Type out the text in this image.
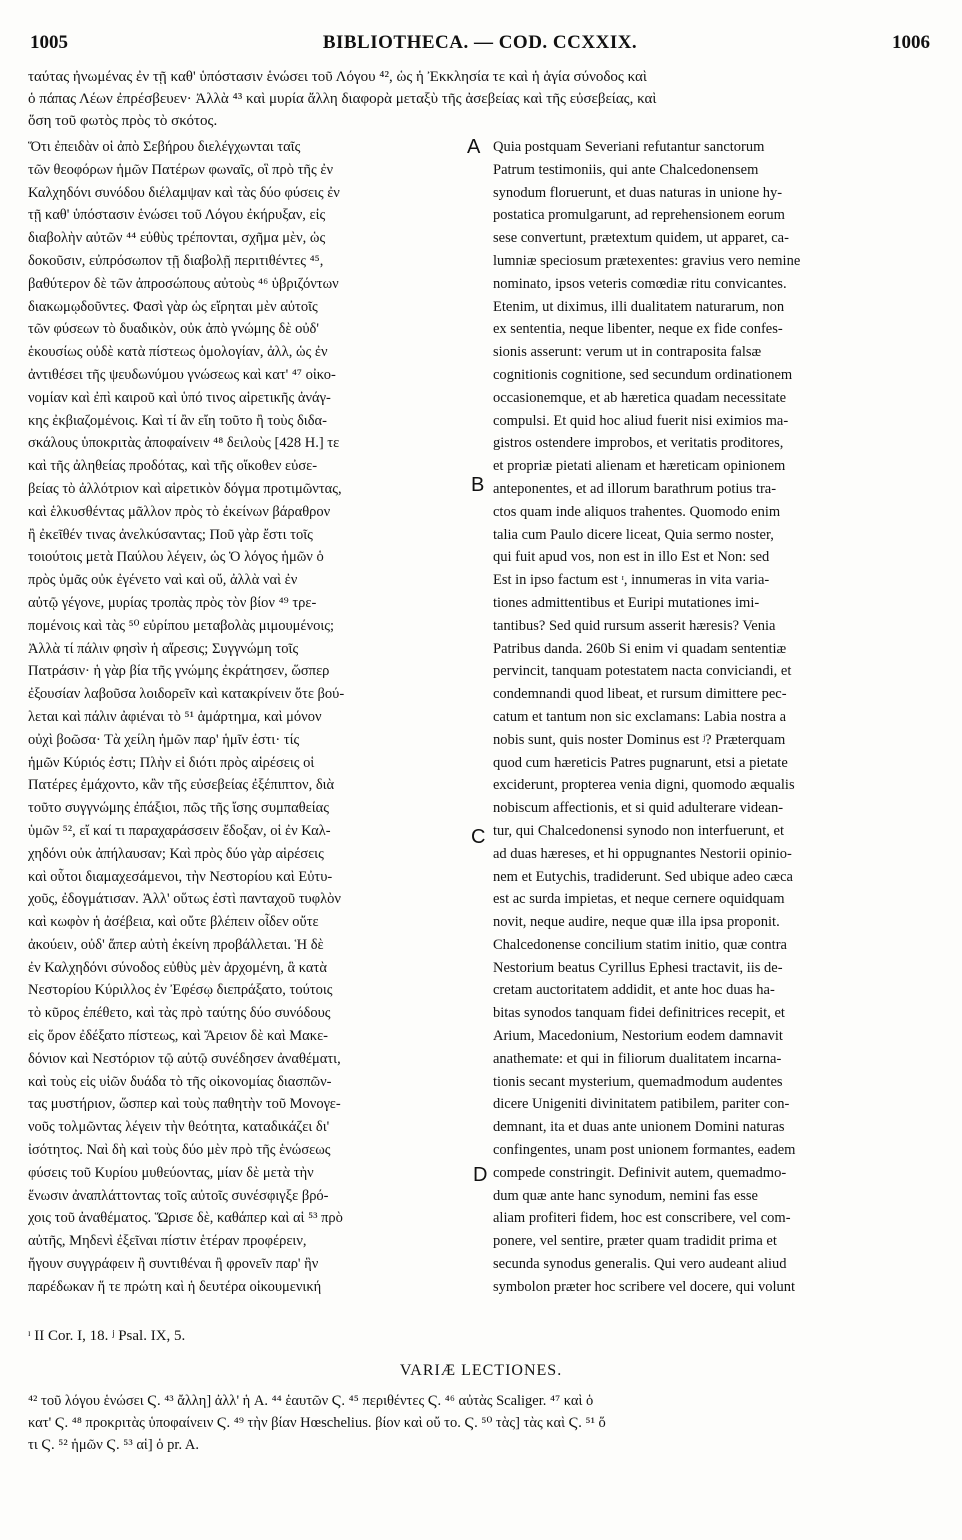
1005	BIBLIOTHECA. — COD. CCXXIX.	1006
ταύτας ἠνωμένας ἐν τῇ καθ' ὑπόστασιν ἑνώσει τοῦ Λόγου ⁴², ὡς ἡ Ἐκκλησία τε καὶ ἡ ἁγία σύνοδος καὶ
ὁ πάπας Λέων ἐπρέσβευεν· Ἀλλὰ ⁴³ καὶ μυρία ἄλλη διαφορὰ μεταξὺ τῆς ἀσεβείας καὶ τῆς εὐσεβείας, καὶ
ὅση τοῦ φωτὸς πρὸς τὸ σκότος.
Ὅτι ἐπειδὰν οἱ ἀπὸ Σεβήρου διελέγχωνται ταῖς
τῶν θεοφόρων ἡμῶν Πατέρων φωναῖς, οἳ πρὸ τῆς ἐν
Καλχηδόνι συνόδου διέλαμψαν καὶ τὰς δύο φύσεις ἐν
τῇ καθ' ὑπόστασιν ἑνώσει τοῦ Λόγου ἐκήρυξαν, εἰς
διαβολὴν αὐτῶν ⁴⁴ εὐθὺς τρέπονται, σχῆμα μὲν, ὡς
δοκοῦσιν, εὐπρόσωπον τῇ διαβολῇ περιτιθέντες ⁴⁵,
βαθύτερον δὲ τῶν ἀπροσώπους αὐτοὺς ⁴⁶ ὑβριζόντων
διακωμῳδοῦντες. Φασὶ γὰρ ὡς εἴρηται μὲν αὐτοῖς
τῶν φύσεων τὸ δυαδικὸν, οὐκ ἀπὸ γνώμης δὲ οὐδ'
ἑκουσίως οὐδὲ κατὰ πίστεως ὁμολογίαν, ἀλλ, ὡς ἐν
ἀντιθέσει τῆς ψευδωνύμου γνώσεως καὶ κατ' ⁴⁷ οἰκο-
νομίαν καὶ ἐπὶ καιροῦ καὶ ὑπό τινος αἱρετικῆς ἀνάγ-
κης ἐκβιαζομένοις. Καὶ τί ἂν εἴη τοῦτο ἢ τοὺς διδα-
σκάλους ὑποκριτὰς ἀποφαίνειν ⁴⁸ δειλοὺς [428 H.] τε
καὶ τῆς ἀληθείας προδότας, καὶ τῆς οἴκοθεν εὐσε-
βείας τὸ ἀλλότριον καὶ αἱρετικὸν δόγμα προτιμῶντας,
καὶ ἑλκυσθέντας μᾶλλον πρὸς τὸ ἐκείνων βάραθρον
ἢ ἐκεῖθέν τινας ἀνελκύσαντας; Ποῦ γὰρ ἔστι τοῖς
τοιούτοις μετὰ Παύλου λέγειν, ὡς Ὁ λόγος ἡμῶν ὁ
πρὸς ὑμᾶς οὐκ ἐγένετο ναὶ καὶ οὔ, ἀλλὰ ναὶ ἐν
αὐτῷ γέγονε, μυρίας τροπὰς πρὸς τὸν βίον ⁴⁹ τρε-
πομένοις καὶ τὰς ⁵⁰ εὐρίπου μεταβολὰς μιμουμένοις;
Ἀλλὰ τί πάλιν φησὶν ἡ αἵρεσις; Συγγνώμη τοῖς
Πατράσιν· ἡ γὰρ βία τῆς γνώμης ἐκράτησεν, ὥσπερ
ἐξουσίαν λαβοῦσα λοιδορεῖν καὶ κατακρίνειν ὅτε βού-
λεται καὶ πάλιν ἀφιέναι τὸ ⁵¹ ἁμάρτημα, καὶ μόνον
οὐχὶ βοῶσα· Τὰ χείλη ἡμῶν παρ' ἡμῖν ἐστι· τίς
ἡμῶν Κύριός ἐστι; Πλὴν εἰ διότι πρὸς αἱρέσεις οἱ
Πατέρες ἐμάχοντο, κἂν τῆς εὐσεβείας ἐξέπιπτον, διὰ
τοῦτο συγγνώμης ἐπάξιοι, πῶς τῆς ἴσης συμπαθείας
ὑμῶν ⁵², εἴ καί τι παραχαράσσειν ἔδοξαν, οἱ ἐν Καλ-
χηδόνι οὐκ ἀπήλαυσαν; Καὶ πρὸς δύο γὰρ αἱρέσεις
καὶ οὗτοι διαμαχεσάμενοι, τὴν Νεστορίου καὶ Εὐτυ-
χοῦς, ἐδογμάτισαν. Ἀλλ' οὕτως ἐστὶ πανταχοῦ τυφλὸν
καὶ κωφὸν ἡ ἀσέβεια, καὶ οὔτε βλέπειν οἶδεν οὔτε
ἀκούειν, οὐδ' ἅπερ αὐτὴ ἐκείνη προβάλλεται. Ἡ δὲ
ἐν Καλχηδόνι σύνοδος εὐθὺς μὲν ἀρχομένη, ἃ κατὰ
Νεστορίου Κύριλλος ἐν Ἐφέσῳ διεπράξατο, τούτοις
τὸ κῦρος ἐπέθετο, καὶ τὰς πρὸ ταύτης δύο συνόδους
εἰς ὅρον ἐδέξατο πίστεως, καὶ Ἄρειον δὲ καὶ Μακε-
δόνιον καὶ Νεστόριον τῷ αὐτῷ συνέδησεν ἀναθέματι,
καὶ τοὺς εἰς υἱῶν δυάδα τὸ τῆς οἰκονομίας διασπῶν-
τας μυστήριον, ὥσπερ καὶ τοὺς παθητὴν τοῦ Μονογε-
νοῦς τολμῶντας λέγειν τὴν θεότητα, καταδικάζει δι'
ἰσότητος. Ναὶ δὴ καὶ τοὺς δύο μὲν πρὸ τῆς ἑνώσεως
φύσεις τοῦ Κυρίου μυθεύοντας, μίαν δὲ μετὰ τὴν
ἕνωσιν ἀναπλάττοντας τοῖς αὐτοῖς συνέσφιγξε βρό-
χοις τοῦ ἀναθέματος. Ὥρισε δὲ, καθάπερ καὶ αἱ ⁵³ πρὸ
αὐτῆς, Μηδενὶ ἐξεῖναι πίστιν ἑτέραν προφέρειν,
ἤγουν συγγράφειν ἢ συντιθέναι ἢ φρονεῖν παρ' ἣν
παρέδωκαν ἥ τε πρώτη καὶ ἡ δευτέρα οἰκουμενική
Quia postquam Severiani refutantur sanctorum
Patrum testimoniis, qui ante Chalcedonensem
synodum floruerunt, et duas naturas in unione hy-
postatica promulgarunt, ad reprehensionem eorum
sese convertunt, prætextum quidem, ut apparet, ca-
lumniæ speciosum prætexentes: gravius vero nemine
nominato, ipsos veteris comœdiæ ritu convicantes.
Etenim, ut diximus, illi dualitatem naturarum, non
ex sententia, neque libenter, neque ex fide confes-
sionis asserunt: verum ut in contraposita falsæ
cognitionis cognitione, sed secundum ordinationem
occasionemque, et ab hæretica quadam necessitate
compulsi. Et quid hoc aliud fuerit nisi eximios ma-
gistros ostendere improbos, et veritatis proditores,
et propriæ pietati alienam et hæreticam opinionem
anteponentes, et ad illorum barathrum potius tra-
ctos quam inde aliquos trahentes. Quomodo enim
talia cum Paulo dicere liceat, Quia sermo noster,
qui fuit apud vos, non est in illo Est et Non: sed
Est in ipso factum est ᶦ, innumeras in vita varia-
tiones admittentibus et Euripi mutationes imi-
tantibus? Sed quid rursum asserit hæresis? Venia
Patribus danda. 260b Si enim vi quadam sententiæ
pervincit, tanquam potestatem nacta conviciandi, et
condemnandi quod libeat, et rursum dimittere pec-
catum et tantum non sic exclamans: Labia nostra a
nobis sunt, quis noster Dominus est ʲ? Præterquam
quod cum hæreticis Patres pugnarunt, etsi a pietate
exciderunt, propterea venia digni, quomodo æqualis
nobiscum affectionis, et si quid adulterare videan-
tur, qui Chalcedonensi synodo non interfuerunt, et
ad duas hæreses, et hi oppugnantes Nestorii opinio-
nem et Eutychis, tradiderunt. Sed ubique adeo cæca
est ac surda impietas, et neque cernere oquidquam
novit, neque audire, neque quæ illa ipsa proponit.
Chalcedonense concilium statim initio, quæ contra
Nestorium beatus Cyrillus Ephesi tractavit, iis de-
cretam auctoritatem addidit, et ante hoc duas ha-
bitas synodos tanquam fidei definitrices recepit, et
Arium, Macedonium, Nestorium eodem damnavit
anathemate: et qui in filiorum dualitatem incarna-
tionis secant mysterium, quemadmodum audentes
dicere Unigeniti divinitatem patibilem, pariter con-
demnant, ita et duas ante unionem Domini naturas
confingentes, unam post unionem formantes, eadem
compede constringit. Definivit autem, quemadmo-
dum quæ ante hanc synodum, nemini fas esse
aliam profiteri fidem, hoc est conscribere, vel com-
ponere, vel sentire, præter quam tradidit prima et
secunda synodus generalis. Qui vero audeant aliud
symbolon præter hoc scribere vel docere, qui volunt
A
B
C
D
ᶦ II Cor. I, 18. ʲ Psal. IX, 5.
VARIÆ LECTIONES.
⁴² τοῦ λόγου ἑνώσει Ϛ. ⁴³ ἄλλη] ἀλλ' ἡ A. ⁴⁴ ἑαυτῶν Ϛ. ⁴⁵ περιθέντες Ϛ. ⁴⁶ αὐτὰς Scaliger. ⁴⁷ καὶ ὁ
κατ' Ϛ. ⁴⁸ προκριτὰς ὑποφαίνειν Ϛ. ⁴⁹ τὴν βίαν Hœschelius. βίον καὶ οὔ το. Ϛ. ⁵⁰ τὰς] τὰς καὶ Ϛ. ⁵¹ ὅ
τι Ϛ. ⁵² ἡμῶν Ϛ. ⁵³ αἱ] ὁ pr. A.
